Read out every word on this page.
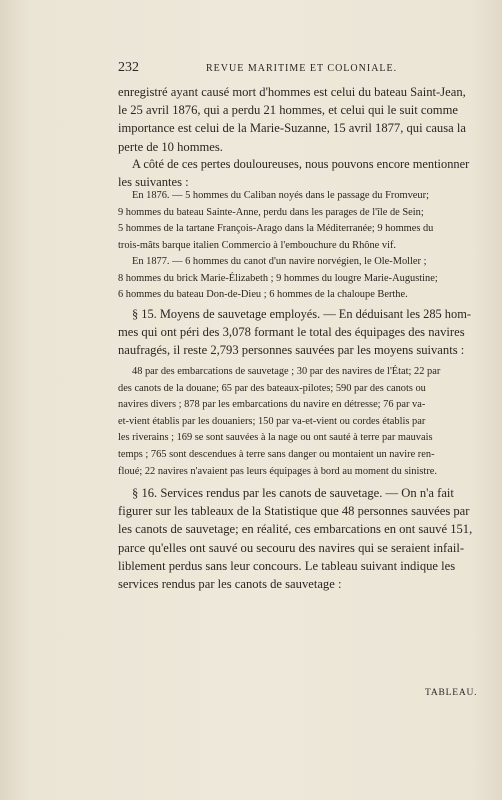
232	REVUE MARITIME ET COLONIALE.

enregistré ayant causé mort d'hommes est celui du bateau Saint-Jean,
le 25 avril 1876, qui a perdu 21 hommes, et celui qui le suit comme
importance est celui de la Marie-Suzanne, 15 avril 1877, qui causa la
perte de 10 hommes.

A côté de ces pertes douloureuses, nous pouvons encore mentionner
les suivantes :

En 1876. — 5 hommes du Caliban noyés dans le passage du Fromveur;
9 hommes du bateau Sainte-Anne, perdu dans les parages de l'île de Sein;
5 hommes de la tartane François-Arago dans la Méditerranée; 9 hommes du
trois-mâts barque italien Commercio à l'embouchure du Rhône vif.

En 1877. — 6 hommes du canot d'un navire norvégien, le Ole-Moller ;
8 hommes du brick Marie-Élizabeth ; 9 hommes du lougre Marie-Augustine;
6 hommes du bateau Don-de-Dieu ; 6 hommes de la chaloupe Berthe.

§ 15. Moyens de sauvetage employés. — En déduisant les 285 hom-
mes qui ont péri des 3,078 formant le total des équipages des navires
naufragés, il reste 2,793 personnes sauvées par les moyens suivants :

48 par des embarcations de sauvetage ; 30 par des navires de l'État; 22 par
des canots de la douane; 65 par des bateaux-pilotes; 590 par des canots ou
navires divers ; 878 par les embarcations du navire en détresse; 76 par va-
et-vient établis par les douaniers; 150 par va-et-vient ou cordes établis par
les riverains ; 169 se sont sauvées à la nage ou ont sauté à terre par mauvais
temps ; 765 sont descendues à terre sans danger ou montaient un navire ren-
floué; 22 navires n'avaient pas leurs équipages à bord au moment du sinistre.

§ 16. Services rendus par les canots de sauvetage. — On n'a fait
figurer sur les tableaux de la Statistique que 48 personnes sauvées par
les canots de sauvetage; en réalité, ces embarcations en ont sauvé 151,
parce qu'elles ont sauvé ou secouru des navires qui se seraient infail-
liblement perdus sans leur concours. Le tableau suivant indique les
services rendus par les canots de sauvetage :

TABLEAU.
